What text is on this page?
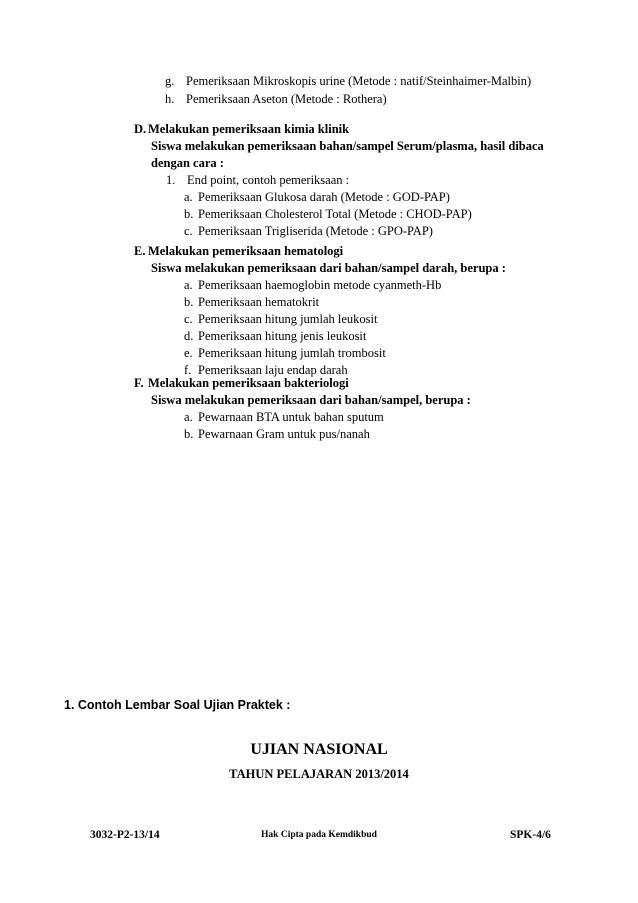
g. Pemeriksaan Mikroskopis urine (Metode : natif/Steinhaimer-Malbin)
h. Pemeriksaan Aseton (Metode : Rothera)
D. Melakukan pemeriksaan kimia klinik
Siswa melakukan pemeriksaan bahan/sampel Serum/plasma, hasil dibaca
dengan cara :
1. End point, contoh pemeriksaan :
a. Pemeriksaan Glukosa darah (Metode : GOD-PAP)
b. Pemeriksaan Cholesterol Total (Metode : CHOD-PAP)
c. Pemeriksaan Trigliserida (Metode : GPO-PAP)
E. Melakukan pemeriksaan hematologi
Siswa melakukan pemeriksaan dari bahan/sampel darah, berupa :
a. Pemeriksaan haemoglobin metode cyanmeth-Hb
b. Pemeriksaan hematokrit
c. Pemeriksaan hitung jumlah leukosit
d. Pemeriksaan hitung jenis leukosit
e. Pemeriksaan hitung jumlah trombosit
f. Pemeriksaan laju endap darah
F. Melakukan pemeriksaan bakteriologi
Siswa melakukan pemeriksaan dari bahan/sampel, berupa :
a. Pewarnaan BTA untuk bahan sputum
b. Pewarnaan Gram untuk pus/nanah
1. Contoh Lembar Soal Ujian Praktek :
UJIAN NASIONAL
TAHUN PELAJARAN 2013/2014
3032-P2-13/14	Hak Cipta pada Kemdikbud	SPK-4/6
